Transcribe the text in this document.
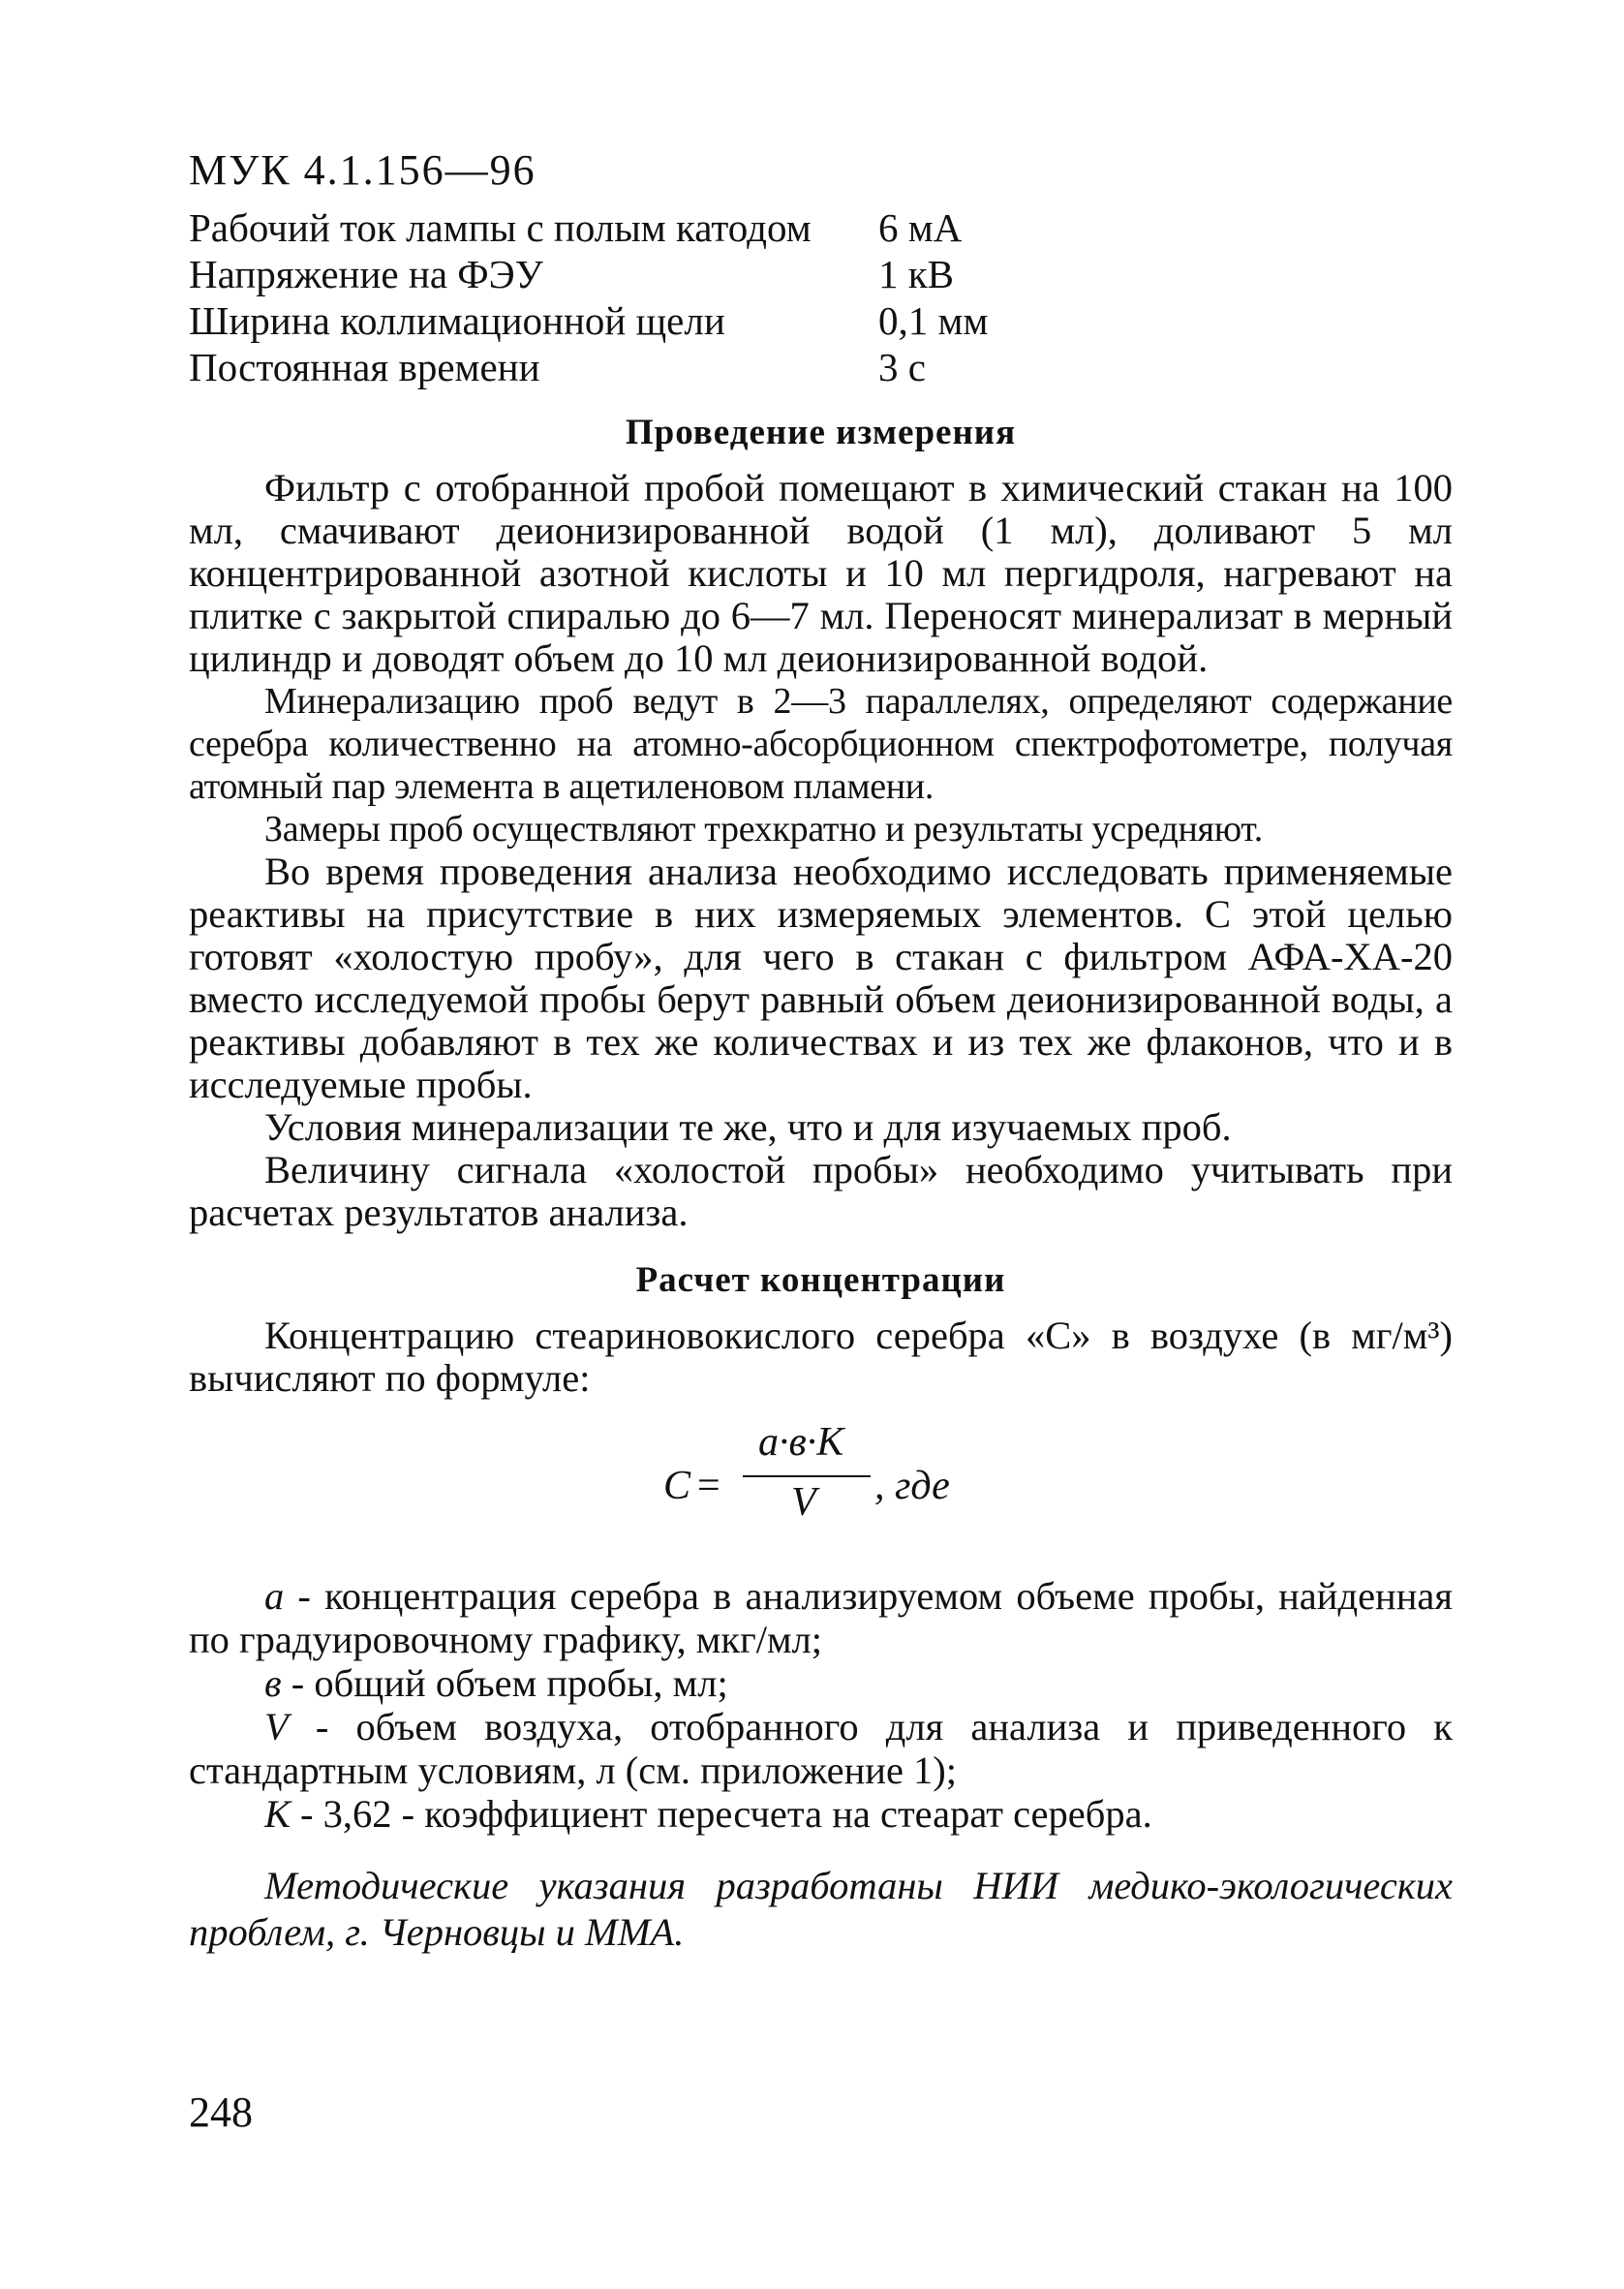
МУК 4.1.156—96
Рабочий ток лампы с полым катодом	6 мА
Напряжение на ФЭУ	1 кВ
Ширина коллимационной щели	0,1 мм
Постоянная времени	3 с
Проведение измерения

Фильтр с отобранной пробой помещают в химический стакан на 100 мл, смачивают деионизированной водой (1 мл), доливают 5 мл концентрированной азотной кислоты и 10 мл пергидроля, нагревают на плитке с закрытой спиралью до 6—7 мл. Переносят минерализат в мерный цилиндр и доводят объем до 10 мл деионизированной водой.

Минерализацию проб ведут в 2—3 параллелях, определяют содержание серебра количественно на атомно-абсорбционном спектрофотометре, получая атомный пар элемента в ацетиленовом пламени.

Замеры проб осуществляют трехкратно и результаты усредняют.

Во время проведения анализа необходимо исследовать применяемые реактивы на присутствие в них измеряемых элементов. С этой целью готовят «холостую пробу», для чего в стакан с фильтром АФА-ХА-20 вместо исследуемой пробы берут равный объем деионизированной воды, а реактивы добавляют в тех же количествах и из тех же флаконов, что и в исследуемые пробы.

Условия минерализации те же, что и для изучаемых проб.

Величину сигнала «холостой пробы» необходимо учитывать при расчетах результатов анализа.

Расчет концентрации

Концентрацию стеариновокислого серебра «С» в воздухе (в мг/м³) вычисляют по формуле:

C =
a·в·K
V , где

а - концентрация серебра в анализируемом объеме пробы, найденная по градуировочному графику, мкг/мл;

в - общий объем пробы, мл;

V - объем воздуха, отобранного для анализа и приведенного к стандартным условиям, л (см. приложение 1);

К - 3,62 - коэффициент пересчета на стеарат серебра.

Методические указания разработаны НИИ медико-экологических проблем, г. Черновцы и ММА.

248
